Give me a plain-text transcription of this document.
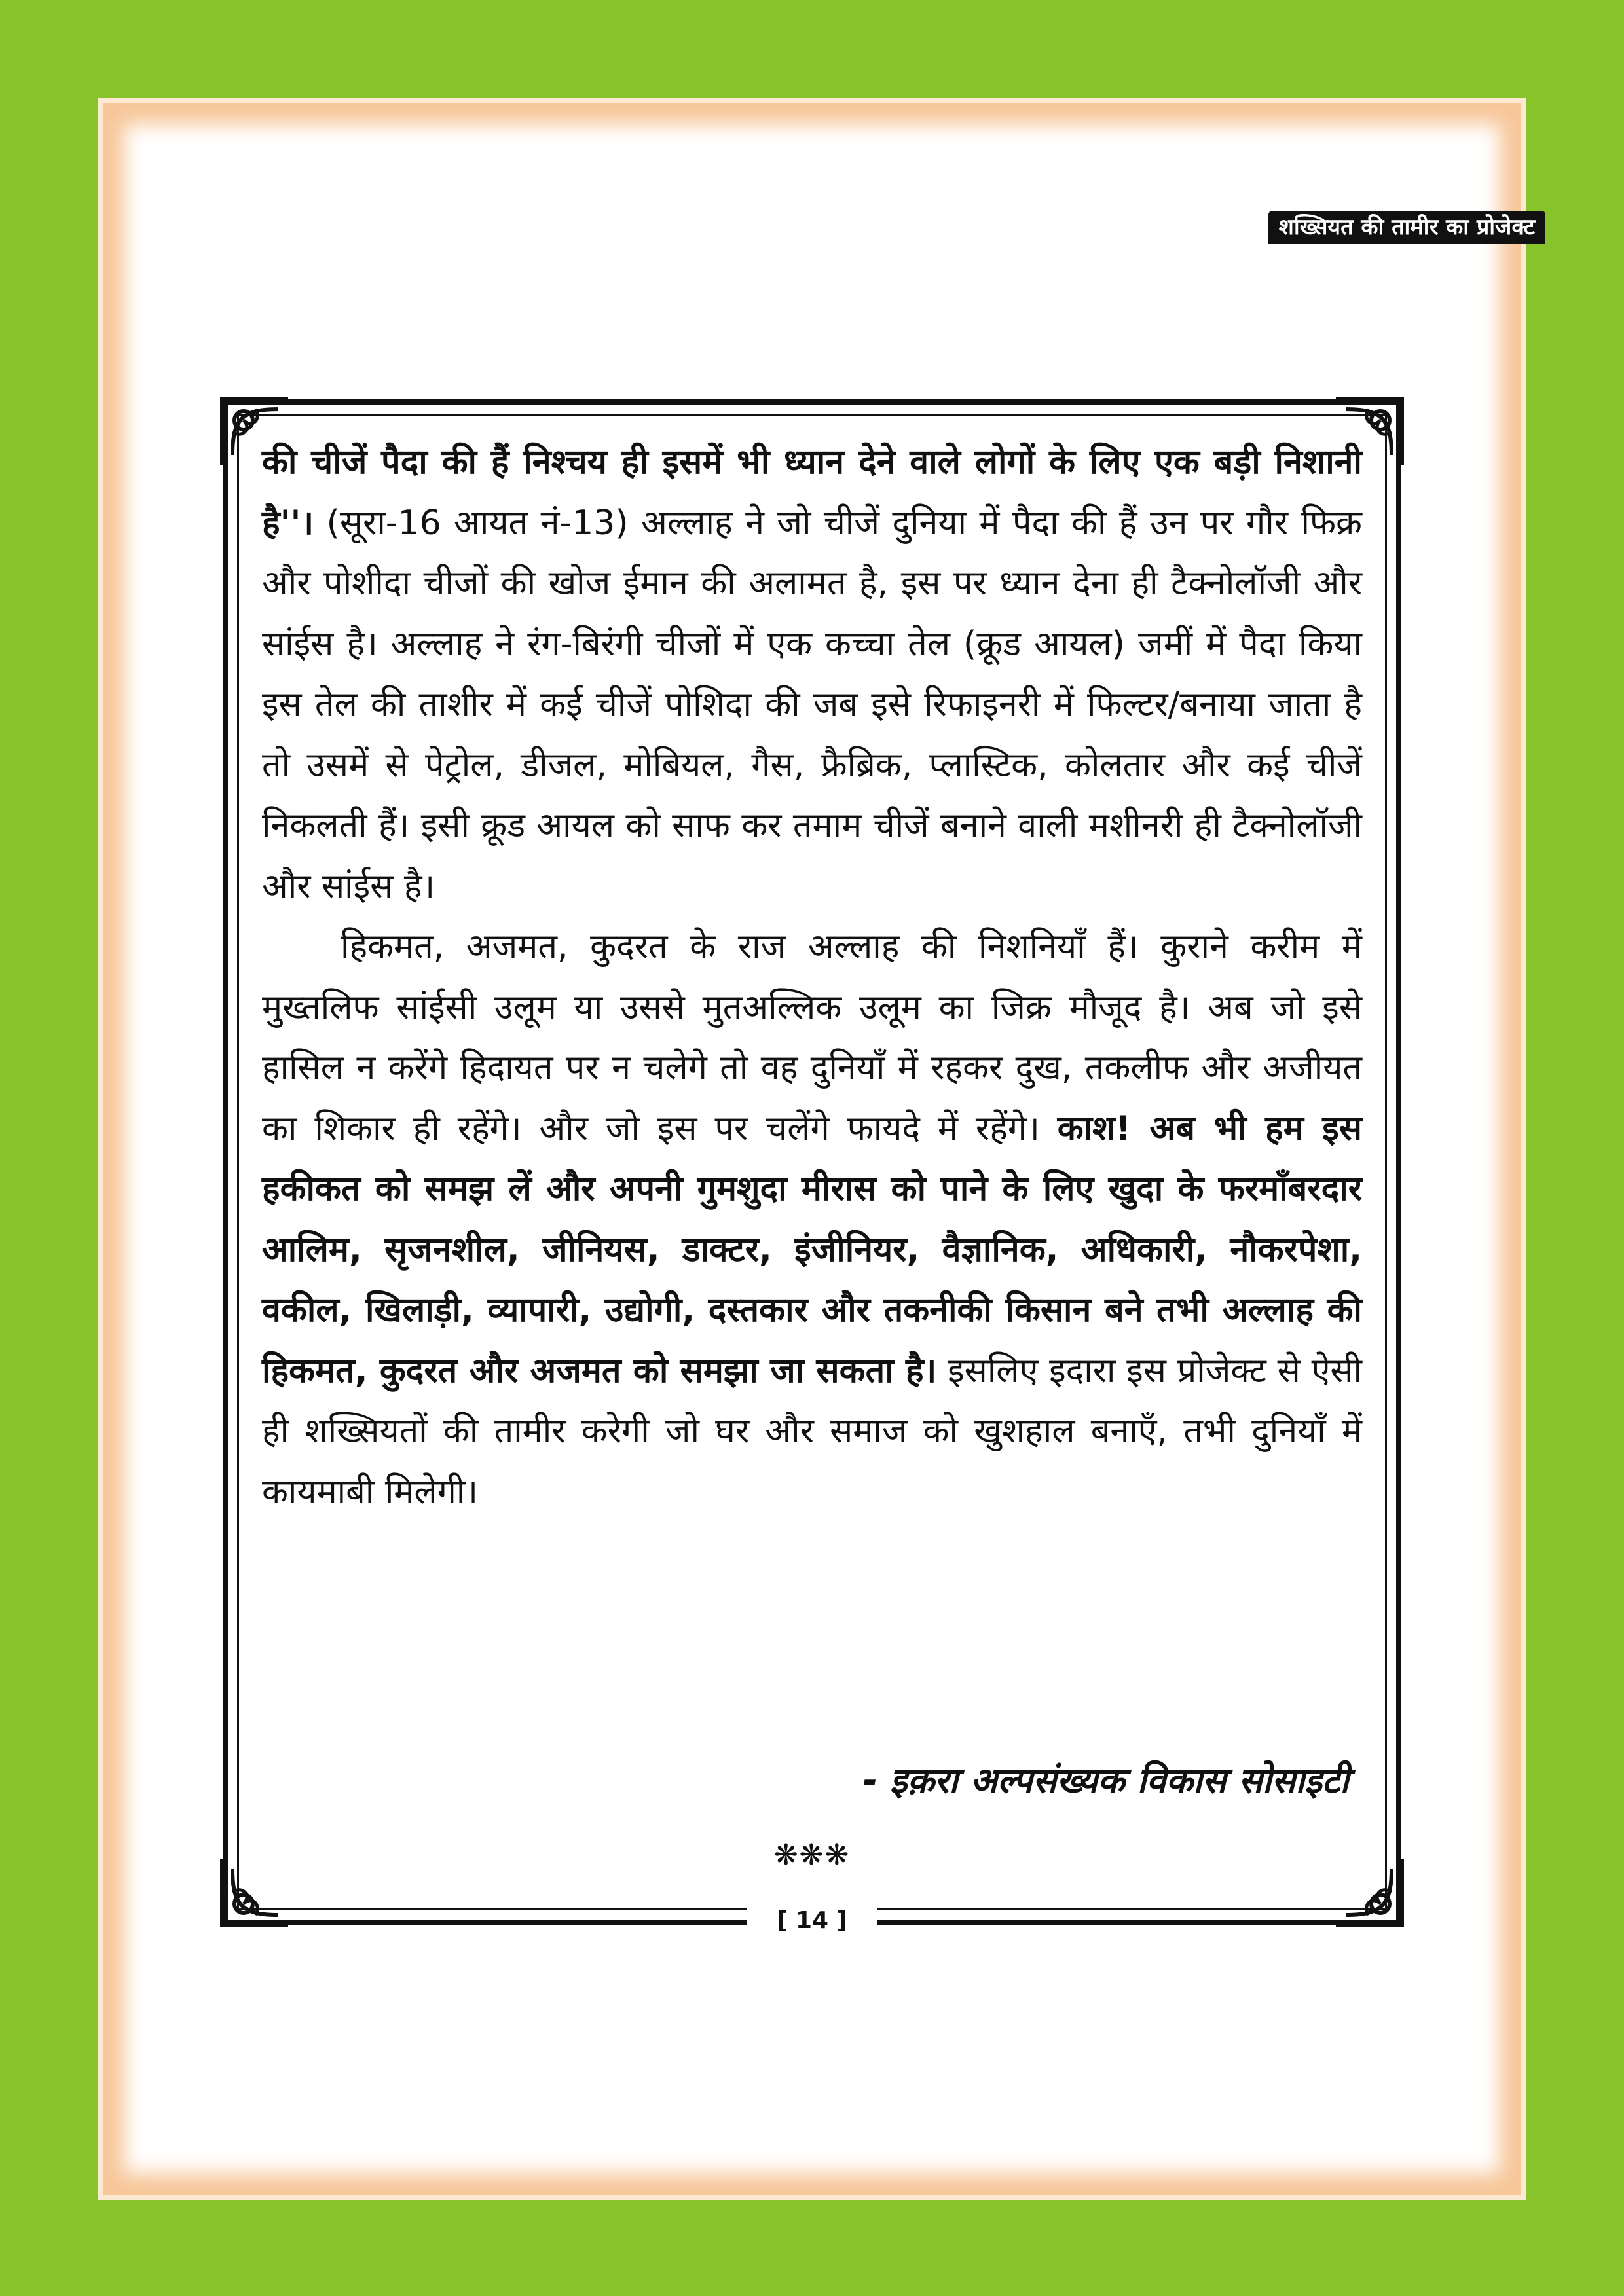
शख्सियत की तामीर का प्रोजेक्ट

की चीजें पैदा की हैं निश्चय ही इसमें भी ध्यान देने वाले लोगों के लिए एक बड़ी निशानी है''। (सूरा-16 आयत नं-13) अल्लाह ने जो चीजें दुनिया में पैदा की हैं उन पर गौर फिक्र और पोशीदा चीजों की खोज ईमान की अलामत है, इस पर ध्यान देना ही टैक्नोलॉजी और सांईस है। अल्लाह ने रंग-बिरंगी चीजों में एक कच्चा तेल (क्रूड आयल) जमीं में पैदा किया इस तेल की ताशीर में कई चीजें पोशिदा की जब इसे रिफाइनरी में फिल्टर/बनाया जाता है तो उसमें से पेट्रोल, डीजल, मोबियल, गैस, फ्रैब्रिक, प्लास्टिक, कोलतार और कई चीजें निकलती हैं। इसी क्रूड आयल को साफ कर तमाम चीजें बनाने वाली मशीनरी ही टैक्नोलॉजी और सांईस है।

हिकमत, अजमत, कुदरत के राज अल्लाह की निशनियाँ हैं। कुराने करीम में मुख्तलिफ सांईसी उलूम या उससे मुतअल्लिक उलूम का जिक्र मौजूद है। अब जो इसे हासिल न करेंगे हिदायत पर न चलेगे तो वह दुनियाँ में रहकर दुख, तकलीफ और अजीयत का शिकार ही रहेंगे। और जो इस पर चलेंगे फायदे में रहेंगे। काश! अब भी हम इस हकीकत को समझ लें और अपनी गुमशुदा मीरास को पाने के लिए खुदा के फरमाँबरदार आलिम, सृजनशील, जीनियस, डाक्टर, इंजीनियर, वैज्ञानिक, अधिकारी, नौकरपेशा, वकील, खिलाड़ी, व्यापारी, उद्योगी, दस्तकार और तकनीकी किसान बने तभी अल्लाह की हिकमत, कुदरत और अजमत को समझा जा सकता है। इसलिए इदारा इस प्रोजेक्ट से ऐसी ही शख्सियतों की तामीर करेगी जो घर और समाज को खुशहाल बनाएँ, तभी दुनियाँ में कायमाबी मिलेगी।

- इक़रा अल्पसंख्यक विकास सोसाइटी
❋❋❋
[ 14 ]
